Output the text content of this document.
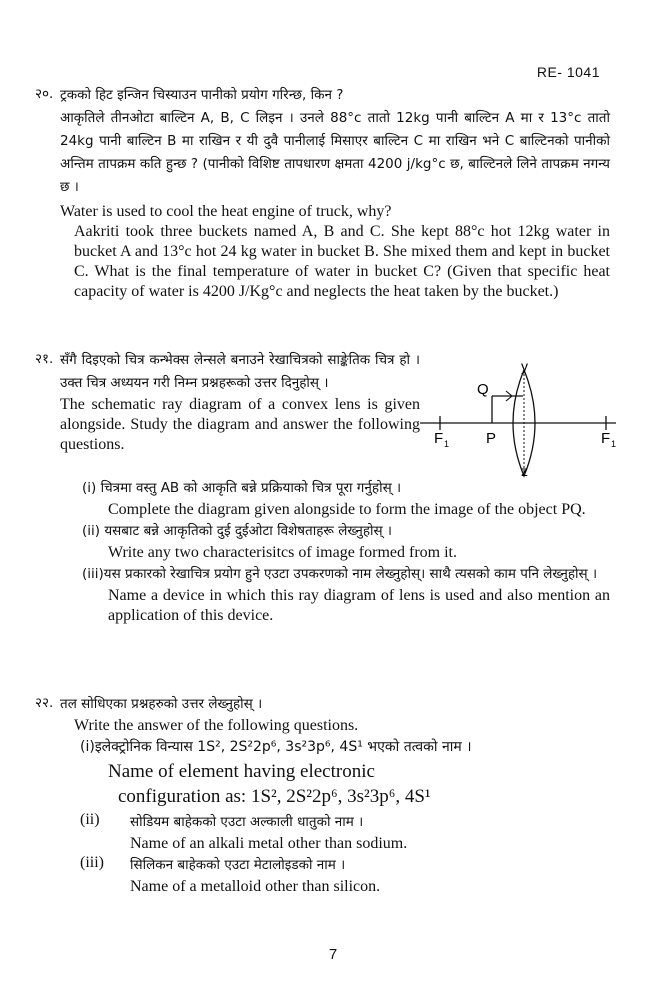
RE- 1041
२०. ट्रकको हिट इन्जिन चिस्याउन पानीको प्रयोग गरिन्छ, किन ?
आकृतिले तीनओटा बाल्टिन A, B, C लिइन । उनले 88°c तातो 12kg पानी बाल्टिन A मा र 13°c तातो 24kg पानी बाल्टिन B मा राखिन र यी दुवै पानीलाई मिसाएर बाल्टिन C मा राखिन भने C बाल्टिनको पानीको अन्तिम तापक्रम कति हुन्छ ? (पानीको विशिष्ट तापधारण क्षमता 4200 j/kg°c छ, बाल्टिनले लिने तापक्रम नगन्य छ ।
Water is used to cool the heat engine of truck, why?
Aakriti took three buckets named A, B and C. She kept 88°c hot 12kg water in bucket A and 13°c hot 24 kg water in bucket B. She mixed them and kept in bucket C. What is the final temperature of water in bucket C? (Given that specific heat capacity of water is 4200 J/Kg°c and neglects the heat taken by the bucket.)
२१. सँगै दिइएको चित्र कन्भेक्स लेन्सले बनाउने रेखाचित्रको साङ्केतिक चित्र हो । उक्त चित्र अध्ययन गरी निम्न प्रश्नहरूको उत्तर दिनुहोस् ।
The schematic ray diagram of a convex lens is given alongside. Study the diagram and answer the following questions.
y
z
Q
P
F 1	F 1
(i) चित्रमा वस्तु AB को आकृति बन्ने प्रक्रियाको चित्र पूरा गर्नुहोस् ।
Complete the diagram given alongside to form the image of the object PQ.
(ii) यसबाट बन्ने आकृतिको दुई दुईओटा विशेषताहरू लेख्नुहोस् ।
Write any two characterisitcs of image formed from it.
(iii)यस प्रकारको रेखाचित्र प्रयोग हुने एउटा उपकरणको नाम लेख्नुहोस्। साथै त्यसको काम पनि लेख्नुहोस् ।
Name a device in which this ray diagram of lens is used and also mention an application of this device.
२२. तल सोधिएका प्रश्नहरुको उत्तर लेख्नुहोस् ।
Write the answer of the following questions.
(i)इलेक्ट्रोनिक विन्यास 1S², 2S²2p⁶, 3s²3p⁶, 4S¹ भएको तत्वको नाम ।
Name of element having electronic
configuration as: 1S², 2S²2p⁶, 3s²3p⁶, 4S¹
(ii)	सोडियम बाहेकको एउटा अल्काली धातुको नाम ।
Name of an alkali metal other than sodium.
(iii)	सिलिकन बाहेकको एउटा मेटालोइडको नाम ।
Name of a metalloid other than silicon.
7
